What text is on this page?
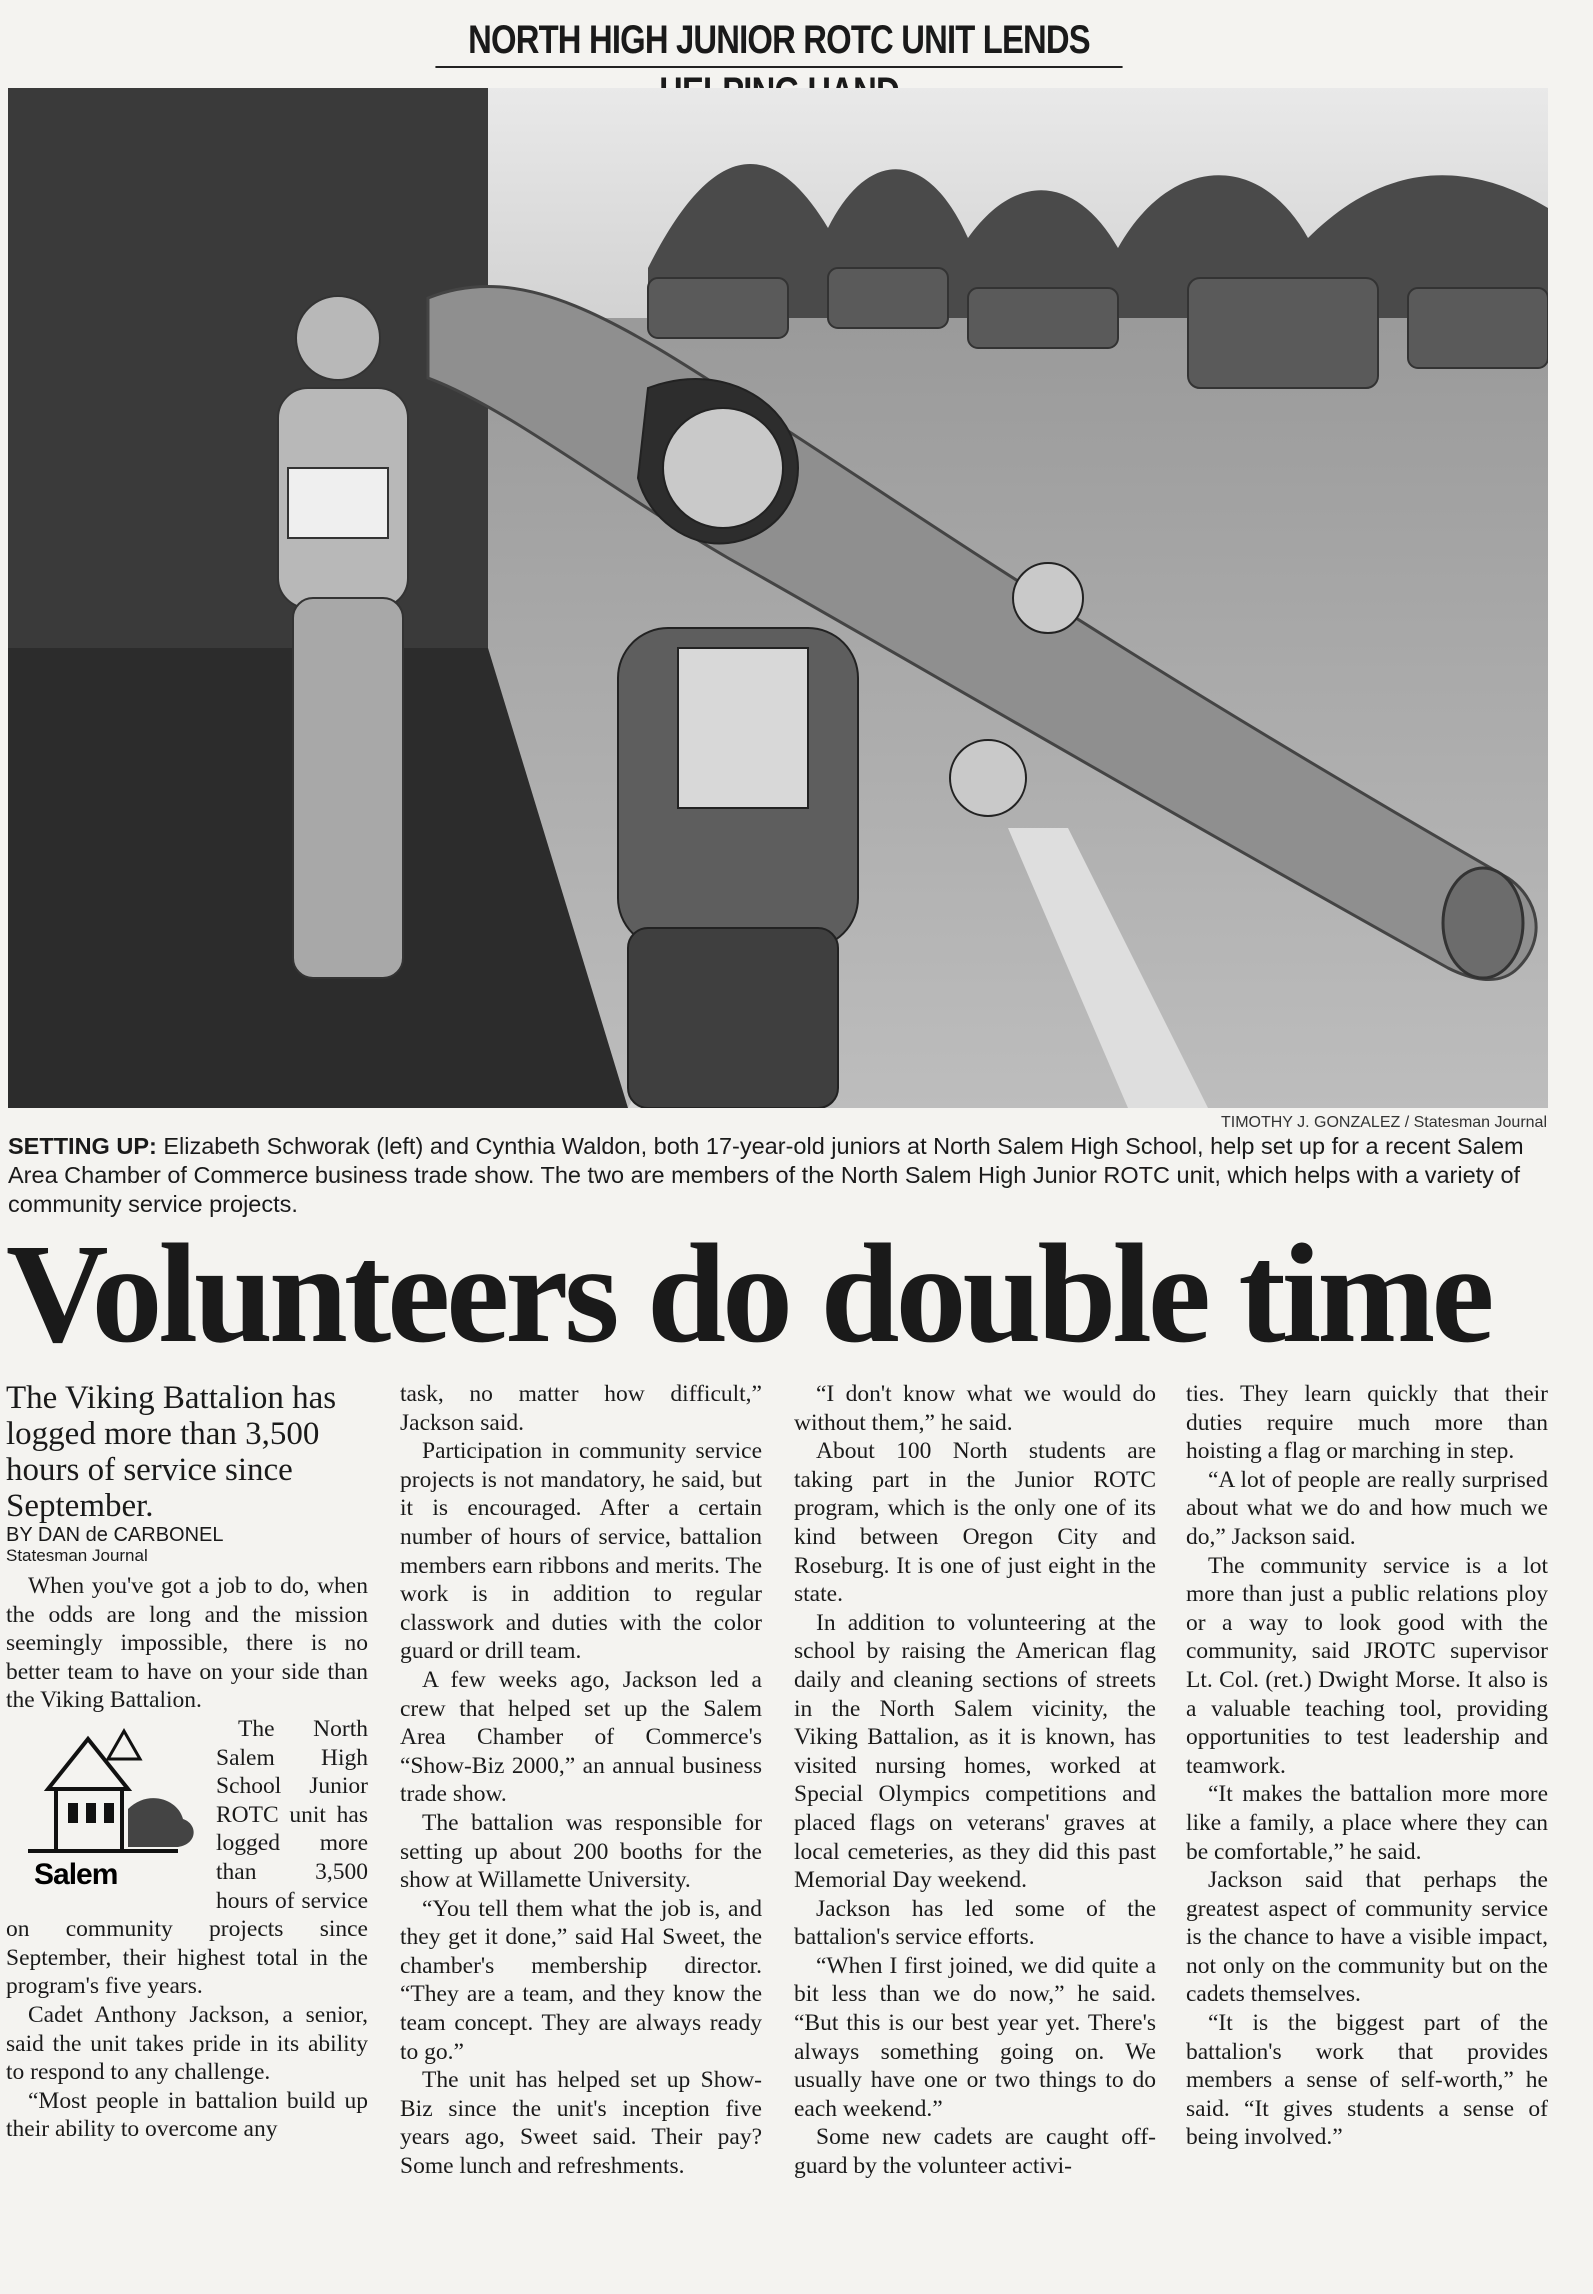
NORTH HIGH JUNIOR ROTC UNIT LENDS
TIMOTHY J. GONZALEZ / Statesman Journal
SETTING UP: Elizabeth Schworak (left) and Cynthia Waldon, both 17-year-old juniors at North Salem High School, help set up for a recent Salem Area Chamber of Commerce business trade show. The two are members of the North Salem High Junior ROTC unit, which helps with a variety of community service projects.
Volunteers do double time

The Viking Battalion has logged more than 3,500 hours of service since September.

BY DAN de CARBONEL
Statesman Journal

When you've got a job to do, when the odds are long and the mission seemingly impossible, there is no better team to have on your side than the Viking Battalion.

Salem
The North Salem High School Junior ROTC unit has logged more than 3,500 hours of service on community projects since September, their highest total in the program's five years.

Cadet Anthony Jackson, a senior, said the unit takes pride in its ability to respond to any challenge.

“Most people in battalion build up their ability to overcome any

task, no matter how difficult,” Jackson said.

Participation in community service projects is not mandatory, he said, but it is encouraged. After a certain number of hours of service, battalion members earn ribbons and merits. The work is in addition to regular classwork and duties with the color guard or drill team.

A few weeks ago, Jackson led a crew that helped set up the Salem Area Chamber of Commerce's “Show-Biz 2000,” an annual business trade show.

The battalion was responsible for setting up about 200 booths for the show at Willamette University.

“You tell them what the job is, and they get it done,” said Hal Sweet, the chamber's membership director. “They are a team, and they know the team concept. They are always ready to go.”

The unit has helped set up Show-Biz since the unit's inception five years ago, Sweet said. Their pay? Some lunch and refreshments.

“I don't know what we would do without them,” he said.

About 100 North students are taking part in the Junior ROTC program, which is the only one of its kind between Oregon City and Roseburg. It is one of just eight in the state.

In addition to volunteering at the school by raising the American flag daily and cleaning sections of streets in the North Salem vicinity, the Viking Battalion, as it is known, has visited nursing homes, worked at Special Olympics competitions and placed flags on veterans' graves at local cemeteries, as they did this past Memorial Day weekend.

Jackson has led some of the battalion's service efforts.

“When I first joined, we did quite a bit less than we do now,” he said. “But this is our best year yet. There's always something going on. We usually have one or two things to do each weekend.”

Some new cadets are caught off-guard by the volunteer activi-

ties. They learn quickly that their duties require much more than hoisting a flag or marching in step.

“A lot of people are really surprised about what we do and how much we do,” Jackson said.

The community service is a lot more than just a public relations ploy or a way to look good with the community, said JROTC supervisor Lt. Col. (ret.) Dwight Morse. It also is a valuable teaching tool, providing opportunities to test leadership and teamwork.

“It makes the battalion more more like a family, a place where they can be comfortable,” he said.

Jackson said that perhaps the greatest aspect of community service is the chance to have a visible impact, not only on the community but on the cadets themselves.

“It is the biggest part of the battalion's work that provides members a sense of self-worth,” he said. “It gives students a sense of being involved.”
